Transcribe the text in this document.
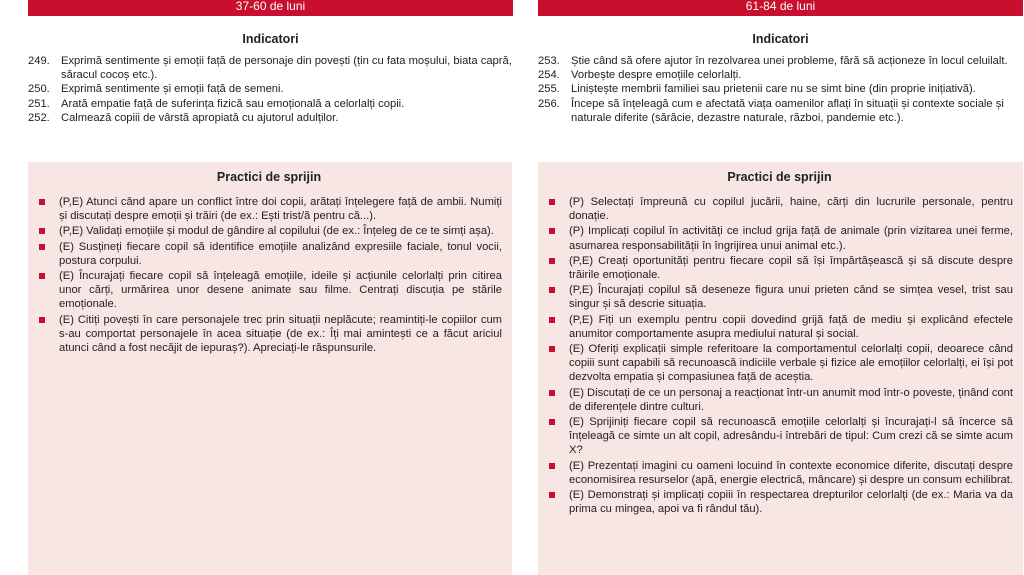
37-60 de luni
Indicatori
249.	Exprimă sentimente și emoții față de personaje din povești (țin cu fata moșului, biata capră, săracul cocoș etc.).
250.	Exprimă sentimente și emoții față de semeni.
251.	Arată empatie față de suferința fizică sau emoțională a celorlalți copii.
252.	Calmează copiii de vârstă apropiată cu ajutorul adulților.
Practici de sprijin
(P,E) Atunci când apare un conflict între doi copii, arătați înțelegere față de ambii. Numiți și discutați despre emoții și trăiri (de ex.: Ești trist/ă pentru că...).
(P,E) Validați emoțiile și modul de gândire al copilului (de ex.: Înțeleg de ce te simți așa).
(E) Susțineți fiecare copil să identifice emoțiile analizând expresiile faciale, tonul vocii, postura corpului.
(E) Încurajați fiecare copil să înțeleagă emoțiile, ideile și acțiunile celorlalți prin citirea unor cărți, urmărirea unor desene animate sau filme. Centrați discuția pe stările emoționale.
(E) Citiți povești în care personajele trec prin situații neplăcute; reamintiți-le copiilor cum s-au comportat personajele în acea situație (de ex.: Îți mai amintești ce a făcut ariciul atunci când a fost necăjit de iepuraș?). Apreciați-le răspunsurile.
61-84 de luni
Indicatori
253.	Știe când să ofere ajutor în rezolvarea unei probleme, fără să acționeze în locul celuilalt.
254.	Vorbește despre emoțiile celorlalți.
255.	Liniștește membrii familiei sau prietenii care nu se simt bine (din proprie inițiativă).
256.	Începe să înțeleagă cum e afectată viața oamenilor aflați în situații și contexte sociale și naturale diferite (sărăcie, dezastre naturale, război, pandemie etc.).
Practici de sprijin
(P) Selectați împreună cu copilul jucării, haine, cărți din lucrurile personale, pentru donație.
(P) Implicați copilul în activități ce includ grija față de animale (prin vizitarea unei ferme, asumarea responsabilității în îngrijirea unui animal etc.).
(P,E) Creați oportunități pentru fiecare copil să își împărtășească și să discute despre trăirile emoționale.
(P,E) Încurajați copilul să deseneze figura unui prieten când se simțea vesel, trist sau singur și să descrie situația.
(P,E) Fiți un exemplu pentru copii dovedind grijă față de mediu și explicând efectele anumitor comportamente asupra mediului natural și social.
(E) Oferiți explicații simple referitoare la comportamentul celorlalți copii, deoarece când copiii sunt capabili să recunoască indiciile verbale și fizice ale emoțiilor celorlalți, ei își pot dezvolta empatia și compasiunea față de aceștia.
(E) Discutați de ce un personaj a reacționat într-un anumit mod într-o poveste, ținând cont de diferențele dintre culturi.
(E) Sprijiniți fiecare copil să recunoască emoțiile celorlalți și încurajați-l să încerce să înțeleagă ce simte un alt copil, adresându-i întrebări de tipul: Cum crezi că se simte acum X?
(E) Prezentați imagini cu oameni locuind în contexte economice diferite, discutați despre economisirea resurselor (apă, energie electrică, mâncare) și despre un consum echilibrat.
(E) Demonstrați și implicați copiii în respectarea drepturilor celorlalți (de ex.: Maria va da prima cu mingea, apoi va fi rândul tău).
